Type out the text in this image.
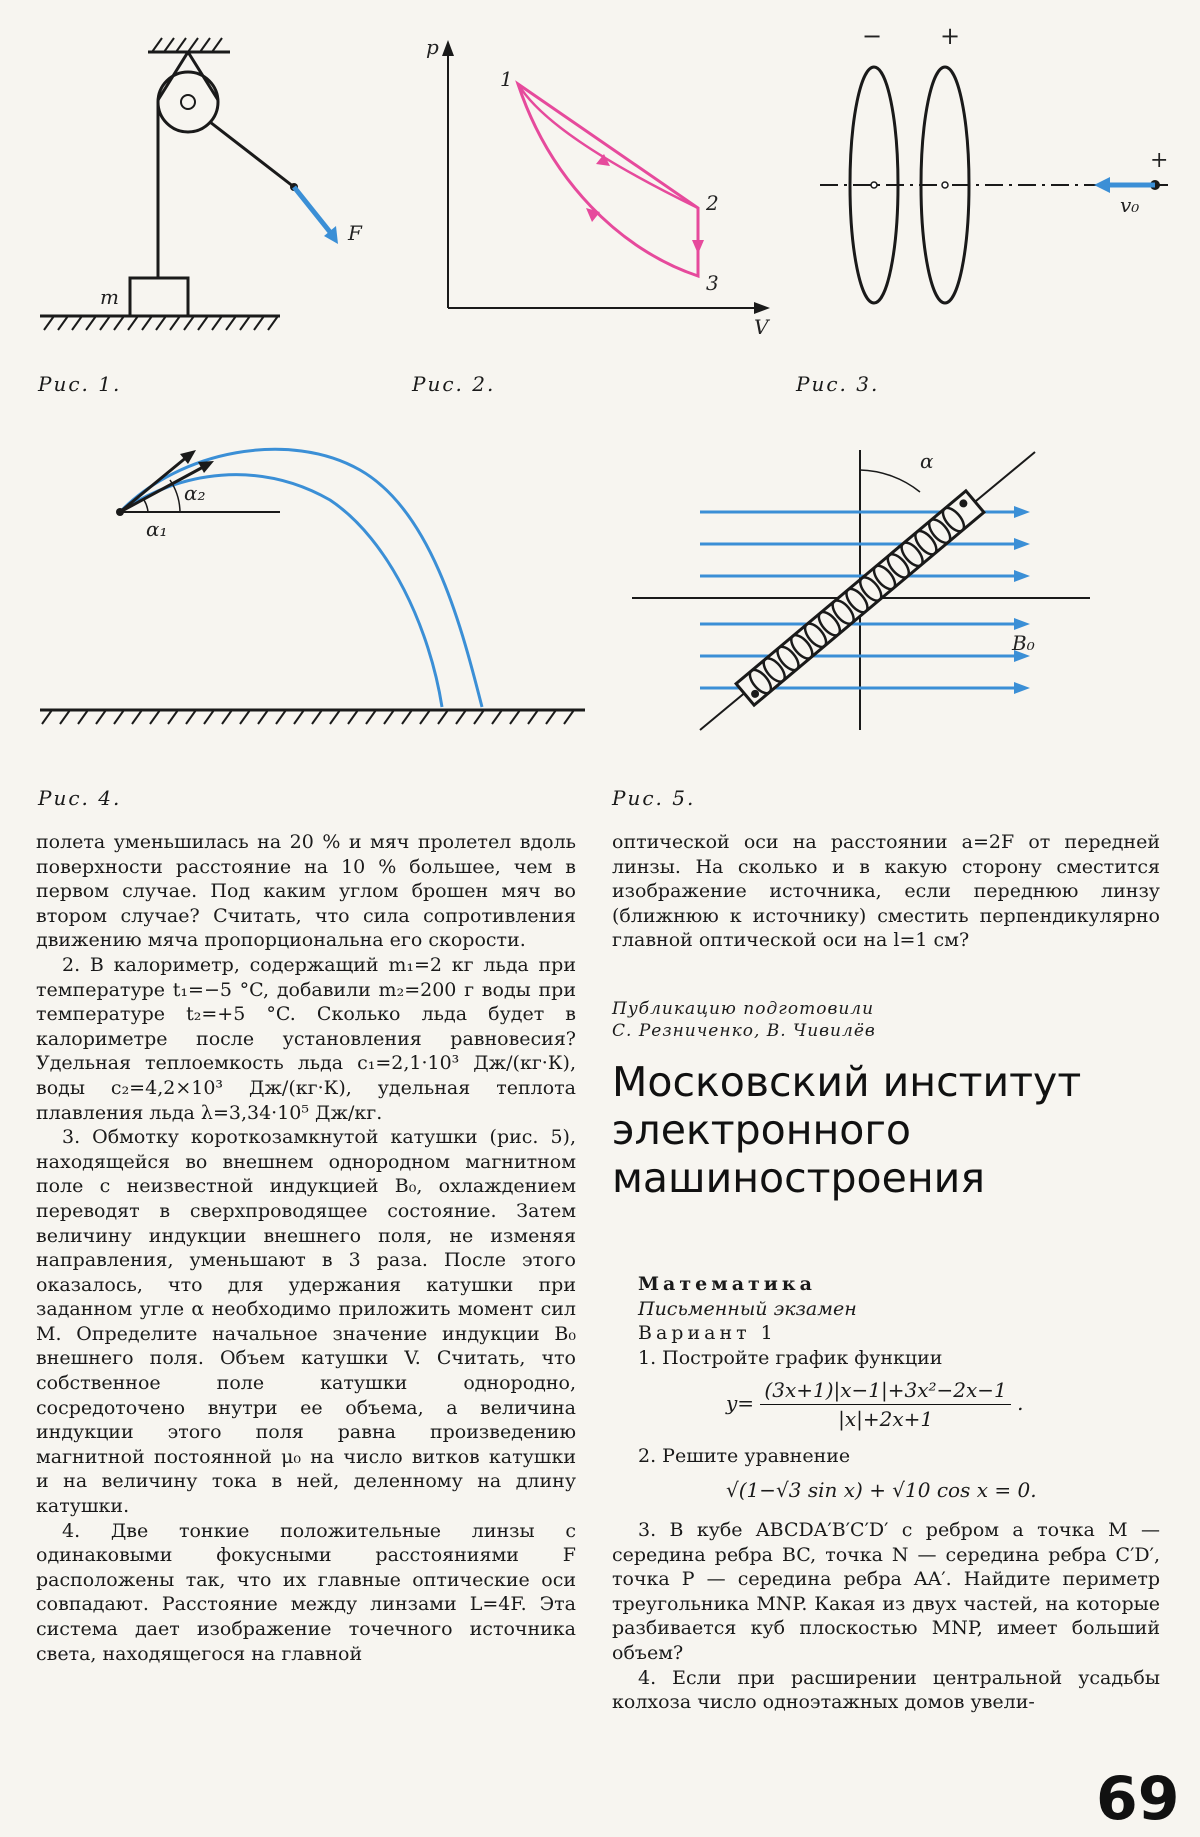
F
m
Рис. 1.
p
V
1
2
3
Рис. 2.
− +
+
v₀
Рис. 3.
α₂
α₁
Рис. 4.
α
B₀
Рис. 5.

полета уменьшилась на 20 % и мяч пролетел вдоль поверхности расстояние на 10 % большее, чем в первом случае. Под каким углом брошен мяч во втором случае? Считать, что сила сопротивления движению мяча пропорциональна его скорости.

2. В калориметр, содержащий m₁=2 кг льда при температуре t₁=−5 °C, добавили m₂=200 г воды при температуре t₂=+5 °C. Сколько льда будет в калориметре после установления равновесия? Удельная теплоемкость льда c₁=2,1·10³ Дж/(кг·К), воды c₂=4,2×10³ Дж/(кг·К), удельная теплота плавления льда λ=3,34·10⁵ Дж/кг.

3. Обмотку короткозамкнутой катушки (рис. 5), находящейся во внешнем однородном магнитном поле с неизвестной индукцией B₀, охлаждением переводят в сверхпроводящее состояние. Затем величину индукции внешнего поля, не изменяя направления, уменьшают в 3 раза. После этого оказалось, что для удержания катушки при заданном угле α необходимо приложить момент сил M. Определите начальное значение индукции B₀ внешнего поля. Объем катушки V. Считать, что собственное поле катушки однородно, сосредоточено внутри ее объема, а величина индукции этого поля равна произведению магнитной постоянной μ₀ на число витков катушки и на величину тока в ней, деленному на длину катушки.

4. Две тонкие положительные линзы с одинаковыми фокусными расстояниями F расположены так, что их главные оптические оси совпадают. Расстояние между линзами L=4F. Эта система дает изображение точечного источника света, находящегося на главной

оптической оси на расстоянии a=2F от передней линзы. На сколько и в какую сторону сместится изображение источника, если переднюю линзу (ближнюю к источнику) сместить перпендикулярно главной оптической оси на l=1 см?

Публикацию подготовили
С. Резниченко, В. Чивилёв
Московский институт
электронного
машиностроения
Математика
Письменный экзамен
Вариант 1
1. Постройте график функции
$y= \frac{\text{(3x+1)|x−1|+3x²−2x−1}}{|x|+2x+1}$ .
2. Решите уравнение
√(1−√3 sin x) + √10 cos x = 0.

3. В кубе ABCDA′B′C′D′ с ребром a точка M — середина ребра BC, точка N — середина ребра C′D′, точка P — середина ребра AA′. Найдите периметр треугольника MNP. Какая из двух частей, на которые разбивается куб плоскостью MNP, имеет больший объем?

4. Если при расширении центральной усадьбы колхоза число одноэтажных домов увели-

69
